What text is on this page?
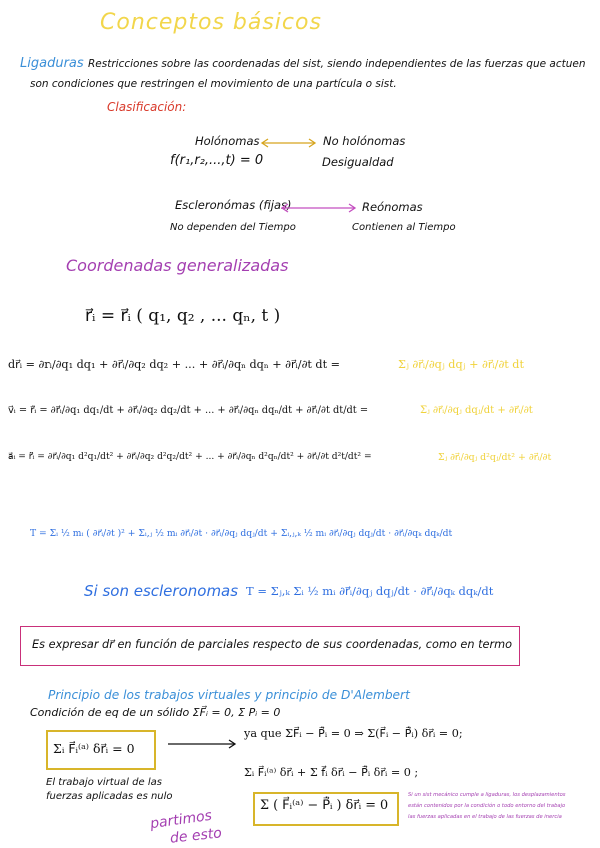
Conceptos básicos
Ligaduras Restricciones sobre las coordenadas del sist, siendo independientes de las fuerzas que actuen
son condiciones que restringen el movimiento de una partícula o sist.
Clasificación:
Holónomas	No holónomas
f(r₁,r₂,...,t) = 0	Desigualdad
Escleronómas (fijas)	Reónomas
No dependen del Tiempo	Contienen al Tiempo
Coordenadas generalizadas
r⃗ᵢ = r⃗ᵢ ( q₁, q₂ , ... qₙ, t )
dr⃗ᵢ = ∂rᵢ/∂q₁ dq₁ + ∂r⃗ᵢ/∂q₂ dq₂ + ... + ∂r⃗ᵢ/∂qₙ dqₙ + ∂r⃗ᵢ/∂t dt =	Σⱼ ∂r⃗ᵢ/∂qⱼ dqⱼ + ∂r⃗ᵢ/∂t dt
v⃗ᵢ = r⃗̇ᵢ = ∂r⃗ᵢ/∂q₁ dq₁/dt + ∂r⃗ᵢ/∂q₂ dq₂/dt + ... + ∂r⃗ᵢ/∂qₙ dqₙ/dt + ∂r⃗ᵢ/∂t dt/dt =	Σⱼ ∂r⃗ᵢ/∂qⱼ dqⱼ/dt + ∂r⃗ᵢ/∂t
a⃗ᵢ = r⃗̈ᵢ = ∂r⃗ᵢ/∂q₁ d²q₁/dt² + ∂r⃗ᵢ/∂q₂ d²q₂/dt² + ... + ∂r⃗ᵢ/∂qₙ d²qₙ/dt² + ∂r⃗ᵢ/∂t d²t/dt² =	Σⱼ ∂r⃗ᵢ/∂qⱼ d²qⱼ/dt² + ∂r⃗ᵢ/∂t
T = Σᵢ ½ mᵢ ( ∂r⃗ᵢ/∂t )² + Σᵢ,ⱼ ½ mᵢ ∂r⃗ᵢ/∂t · ∂r⃗ᵢ/∂qⱼ dqⱼ/dt + Σᵢ,ⱼ,ₖ ½ mᵢ ∂r⃗ᵢ/∂qⱼ dqⱼ/dt · ∂r⃗ᵢ/∂qₖ dqₖ/dt
Si son escleronomas T = Σⱼ,ₖ Σᵢ ½ mᵢ ∂r⃗ᵢ/∂qⱼ dqⱼ/dt · ∂r⃗ᵢ/∂qₖ dqₖ/dt
Es expresar dr⃗ en función de parciales respecto de sus coordenadas, como en termo
Principio de los trabajos virtuales y principio de D'Alembert
Condición de eq de un sólido ΣF⃗ᵢ = 0, Σ Pᵢ = 0
Σᵢ F⃗ᵢ⁽ᵃ⁾ δr⃗ᵢ = 0
ya que ΣF⃗ᵢ − P⃗̇ᵢ = 0 ⇒ Σ(F⃗ᵢ − P⃗̇ᵢ) δr⃗ᵢ = 0;
Σᵢ F⃗ᵢ⁽ᵃ⁾ δr⃗ᵢ + Σ f⃗ᵢ δr⃗ᵢ − P⃗̇ᵢ δr⃗ᵢ = 0 ;
Σ ( F⃗ᵢ⁽ᵃ⁾ − P⃗̇ᵢ ) δr⃗ᵢ = 0
El trabajo virtual de las
fuerzas aplicadas es nulo
partimos
de esto
Si un sist mecánico cumple a ligaduras, los desplazamientos
están contenidos por la condición o todo entorno del trabajo
las fuerzas aplicadas en el trabajo de las fuerzas de inercia
